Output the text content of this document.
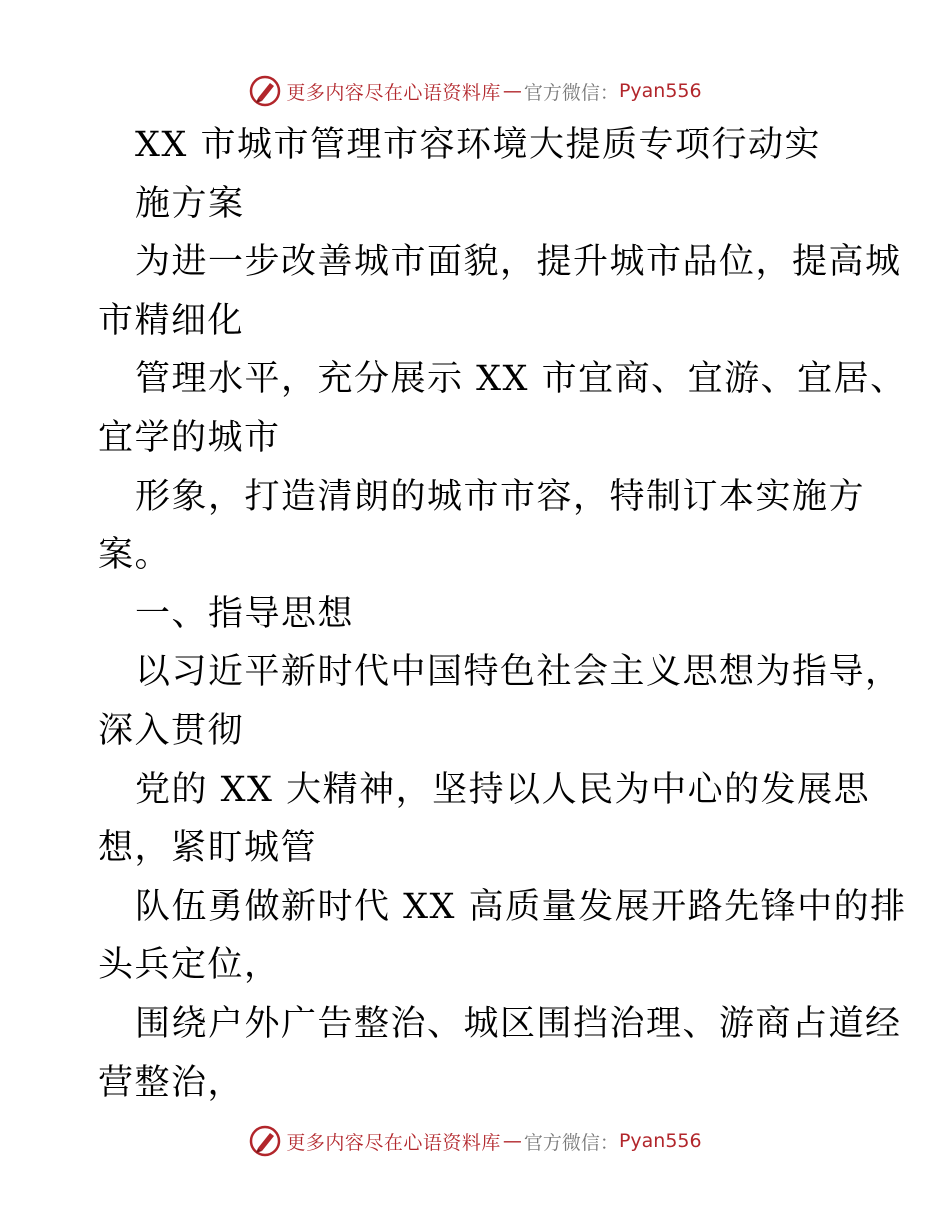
更多内容尽在心语资料库 — 官方微信： Pyan556
XX 市城市管理市容环境大提质专项行动实
施方案
为进一步改善城市面貌，提升城市品位，提高城
市精细化
管理水平，充分展示 XX 市宜商、宜游、宜居、
宜学的城市
形象，打造清朗的城市市容，特制订本实施方
案。
一、指导思想
以习近平新时代中国特色社会主义思想为指导，
深入贯彻
党的 XX 大精神，坚持以人民为中心的发展思
想，紧盯城管
队伍勇做新时代 XX 高质量发展开路先锋中的排
头兵定位，
围绕户外广告整治、城区围挡治理、游商占道经
营整治，
更多内容尽在心语资料库 — 官方微信： Pyan556
